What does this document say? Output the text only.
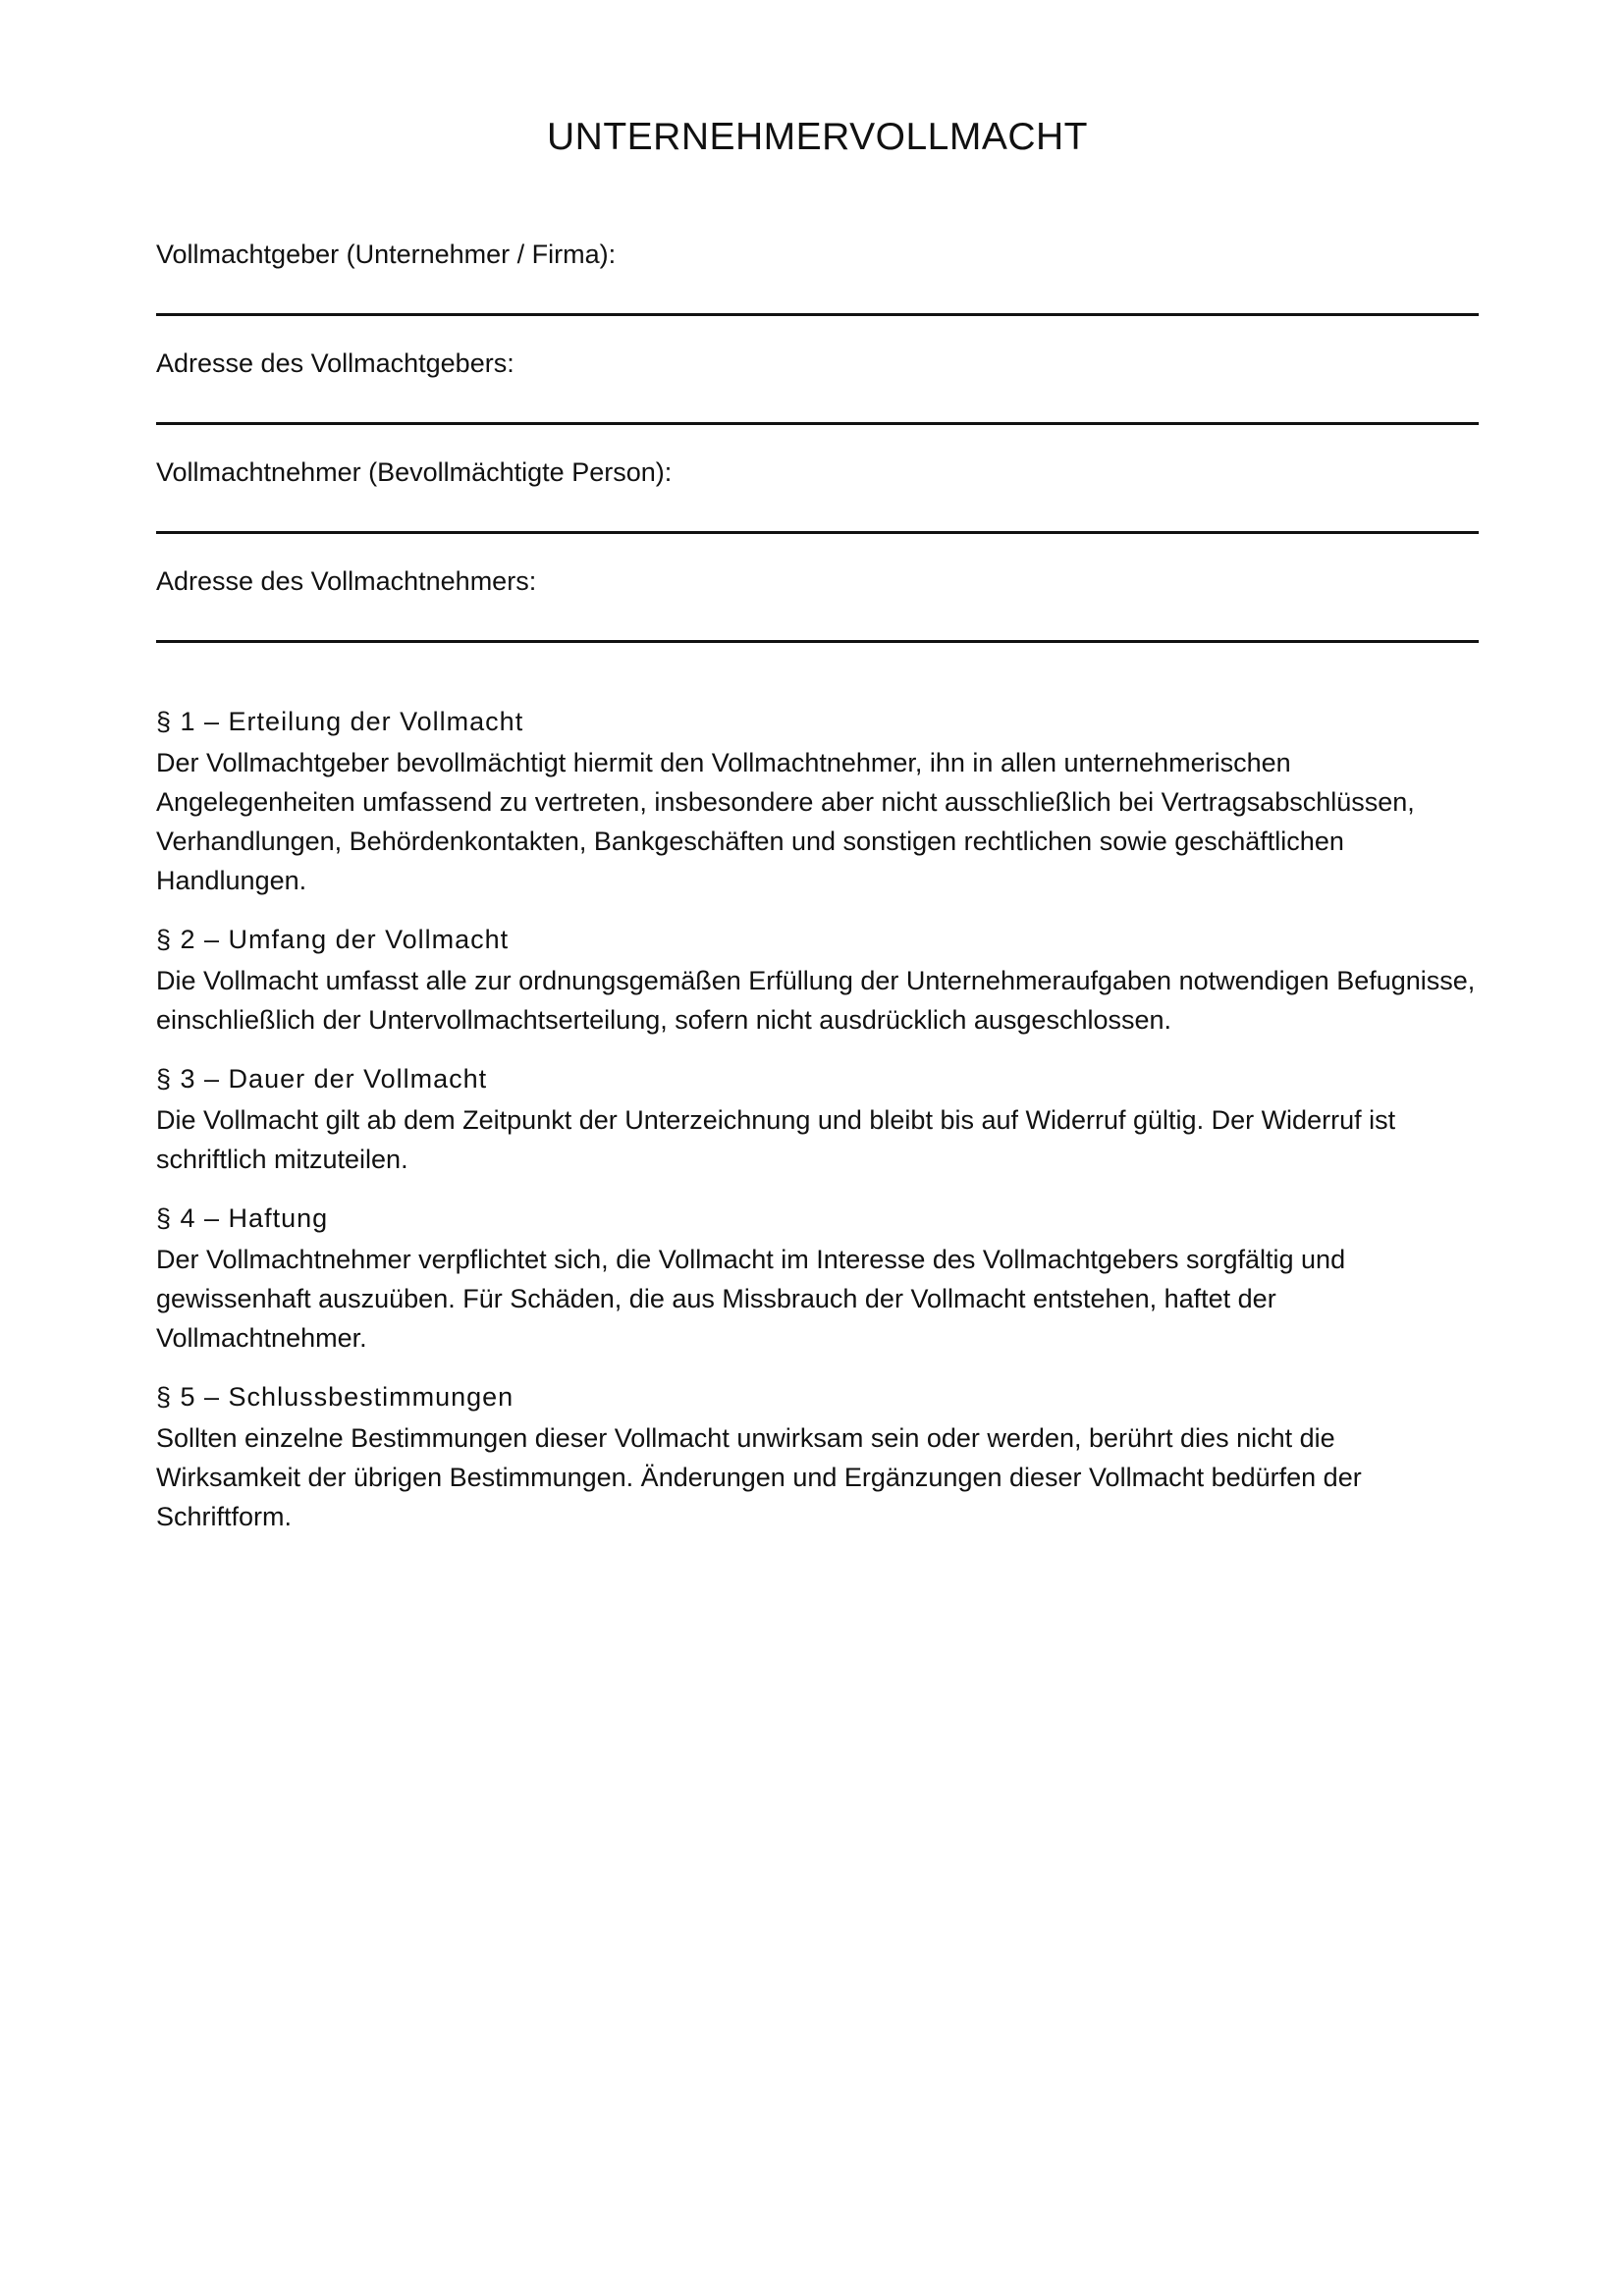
UNTERNEHMERVOLLMACHT

Vollmachtgeber (Unternehmer / Firma):

Adresse des Vollmachtgebers:

Vollmachtnehmer (Bevollmächtigte Person):

Adresse des Vollmachtnehmers:

§ 1 – Erteilung der Vollmacht

Der Vollmachtgeber bevollmächtigt hiermit den Vollmachtnehmer, ihn in allen unternehmerischen Angelegenheiten umfassend zu vertreten, insbesondere aber nicht ausschließlich bei Vertragsabschlüssen, Verhandlungen, Behördenkontakten, Bankgeschäften und sonstigen rechtlichen sowie geschäftlichen Handlungen.

§ 2 – Umfang der Vollmacht

Die Vollmacht umfasst alle zur ordnungsgemäßen Erfüllung der Unternehmeraufgaben notwendigen Befugnisse, einschließlich der Untervollmachtserteilung, sofern nicht ausdrücklich ausgeschlossen.

§ 3 – Dauer der Vollmacht

Die Vollmacht gilt ab dem Zeitpunkt der Unterzeichnung und bleibt bis auf Widerruf gültig. Der Widerruf ist schriftlich mitzuteilen.

§ 4 – Haftung

Der Vollmachtnehmer verpflichtet sich, die Vollmacht im Interesse des Vollmachtgebers sorgfältig und gewissenhaft auszuüben. Für Schäden, die aus Missbrauch der Vollmacht entstehen, haftet der Vollmachtnehmer.

§ 5 – Schlussbestimmungen

Sollten einzelne Bestimmungen dieser Vollmacht unwirksam sein oder werden, berührt dies nicht die Wirksamkeit der übrigen Bestimmungen. Änderungen und Ergänzungen dieser Vollmacht bedürfen der Schriftform.
